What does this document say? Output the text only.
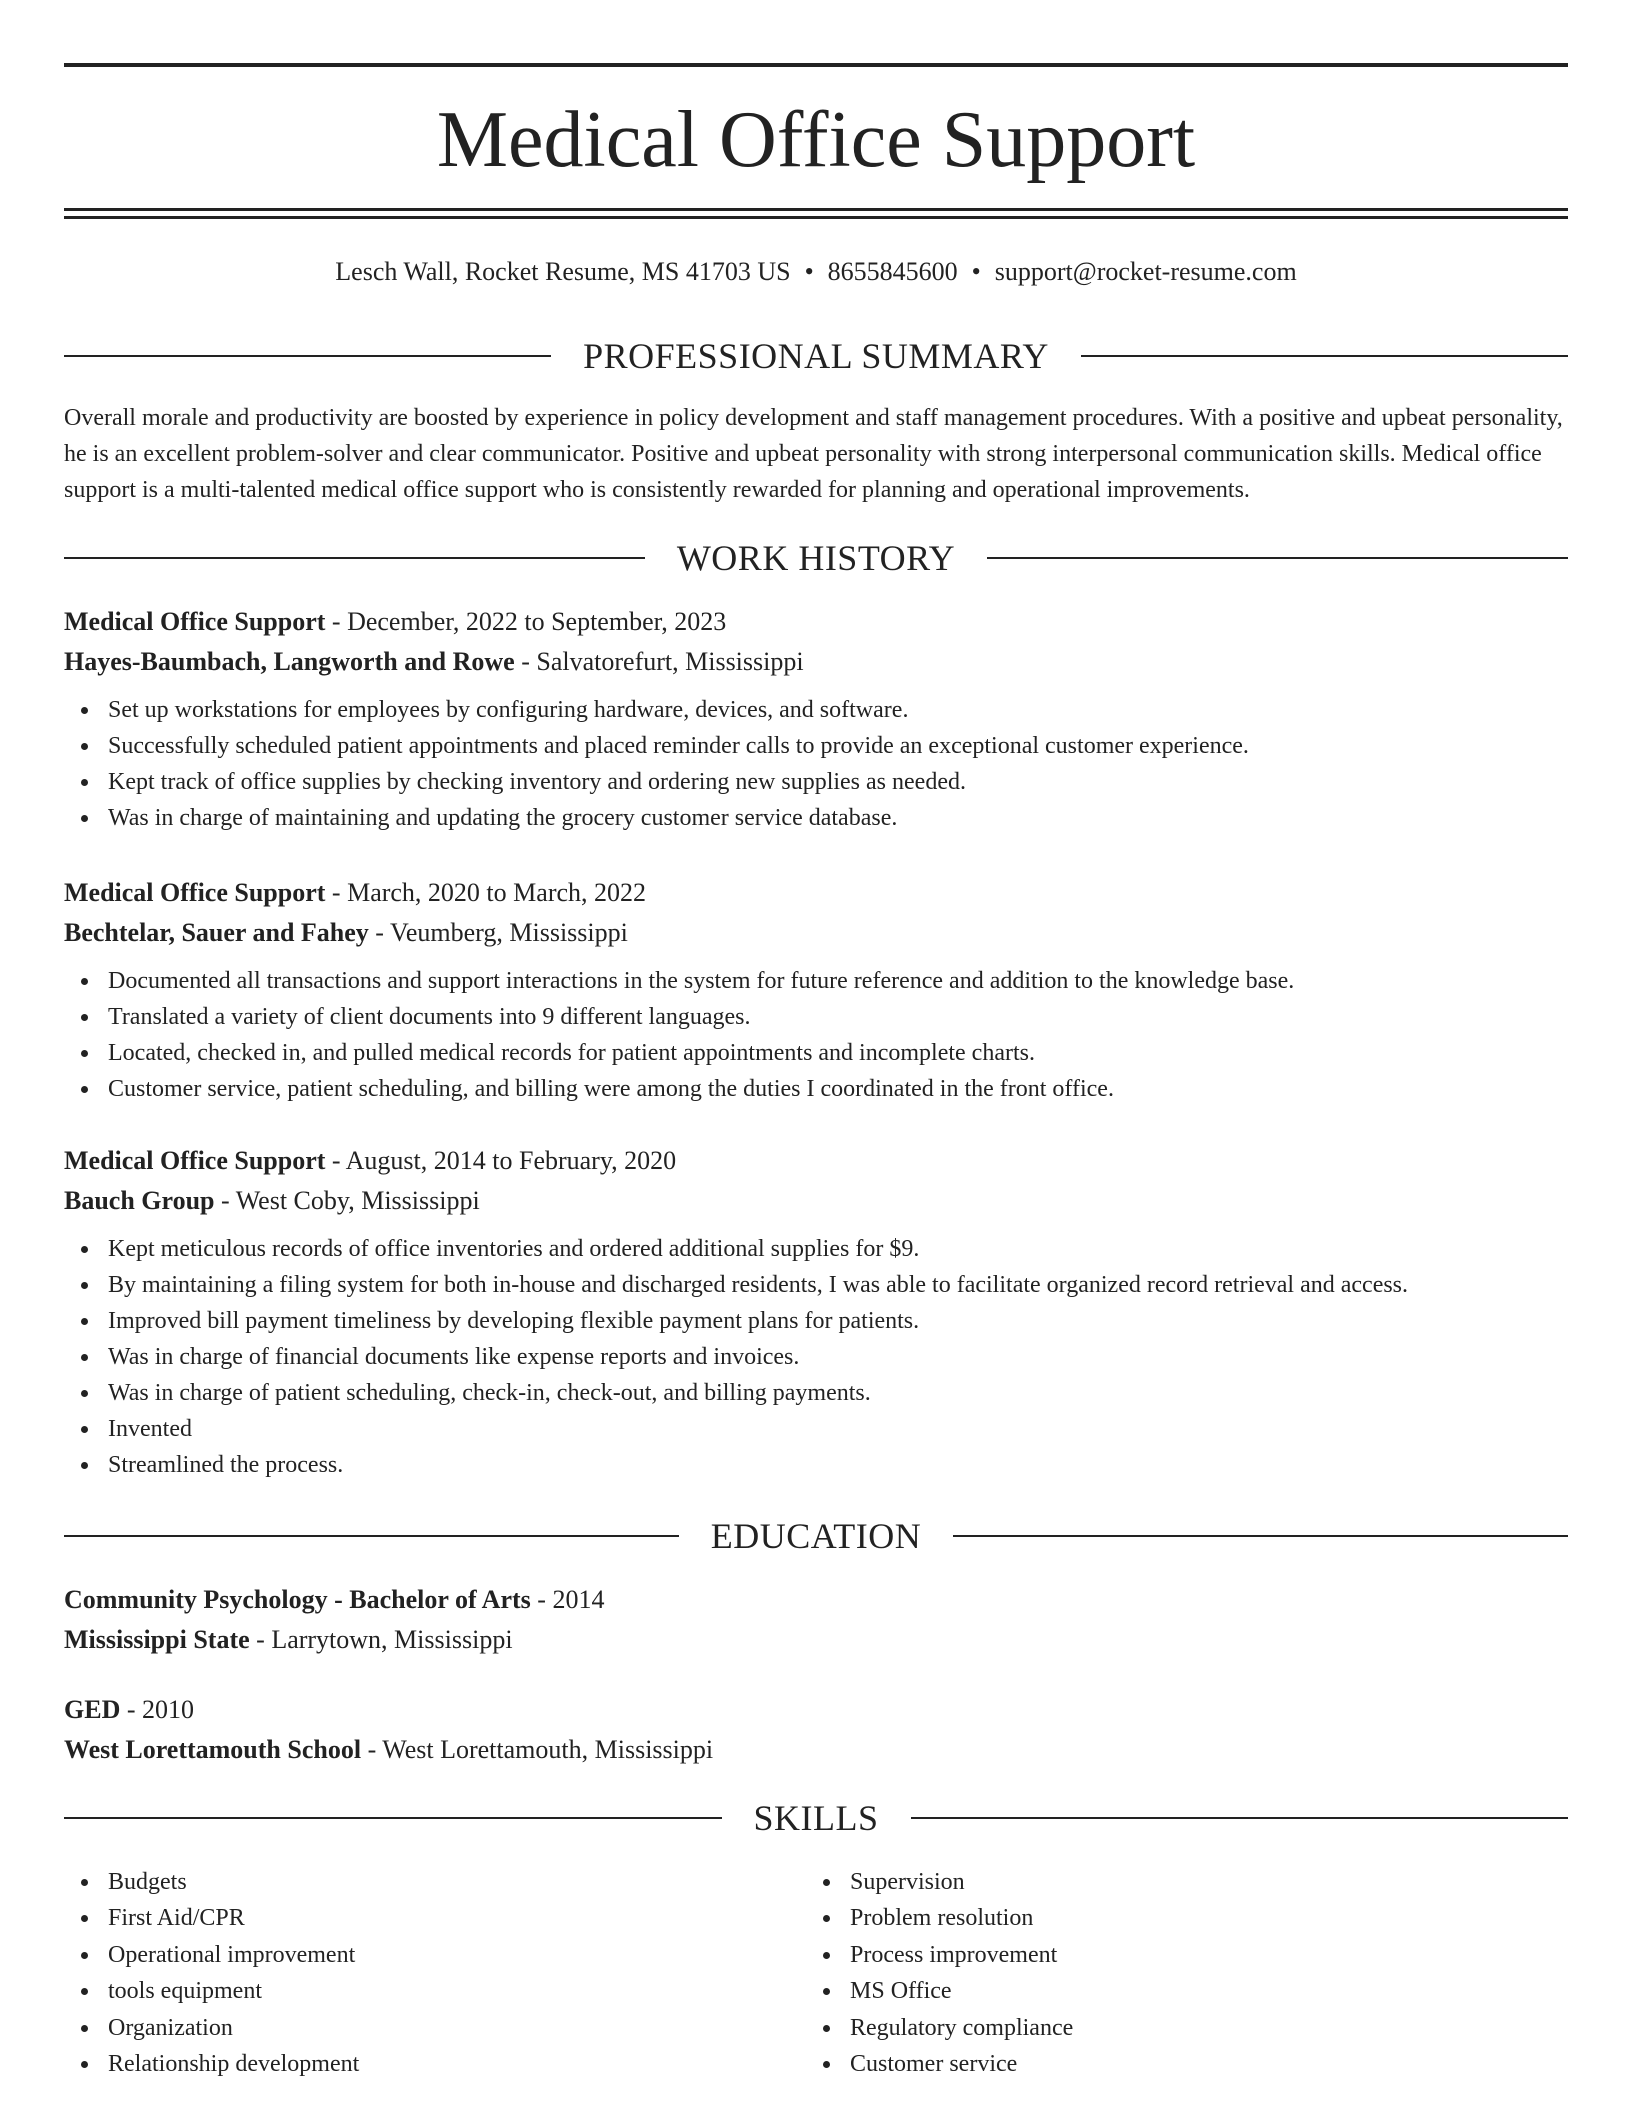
Medical Office Support
Lesch Wall, Rocket Resume, MS 41703 US • 8655845600 • support@rocket-resume.com
PROFESSIONAL SUMMARY

Overall morale and productivity are boosted by experience in policy development and staff management procedures. With a positive and upbeat personality, he is an excellent problem-solver and clear communicator. Positive and upbeat personality with strong interpersonal communication skills. Medical office support is a multi-talented medical office support who is consistently rewarded for planning and operational improvements.

WORK HISTORY
Medical Office Support - December, 2022 to September, 2023
Hayes-Baumbach, Langworth and Rowe - Salvatorefurt, Mississippi
Set up workstations for employees by configuring hardware, devices, and software.
Successfully scheduled patient appointments and placed reminder calls to provide an exceptional customer experience.
Kept track of office supplies by checking inventory and ordering new supplies as needed.
Was in charge of maintaining and updating the grocery customer service database.
Medical Office Support - March, 2020 to March, 2022
Bechtelar, Sauer and Fahey - Veumberg, Mississippi
Documented all transactions and support interactions in the system for future reference and addition to the knowledge base.
Translated a variety of client documents into 9 different languages.
Located, checked in, and pulled medical records for patient appointments and incomplete charts.
Customer service, patient scheduling, and billing were among the duties I coordinated in the front office.
Medical Office Support - August, 2014 to February, 2020
Bauch Group - West Coby, Mississippi
Kept meticulous records of office inventories and ordered additional supplies for $9.
By maintaining a filing system for both in-house and discharged residents, I was able to facilitate organized record retrieval and access.
Improved bill payment timeliness by developing flexible payment plans for patients.
Was in charge of financial documents like expense reports and invoices.
Was in charge of patient scheduling, check-in, check-out, and billing payments.
Invented
Streamlined the process.
EDUCATION
Community Psychology - Bachelor of Arts - 2014
Mississippi State - Larrytown, Mississippi
GED - 2010
West Lorettamouth School - West Lorettamouth, Mississippi
SKILLS
Budgets
First Aid/CPR
Operational improvement
tools equipment
Organization
Relationship development
Supervision
Problem resolution
Process improvement
MS Office
Regulatory compliance
Customer service
